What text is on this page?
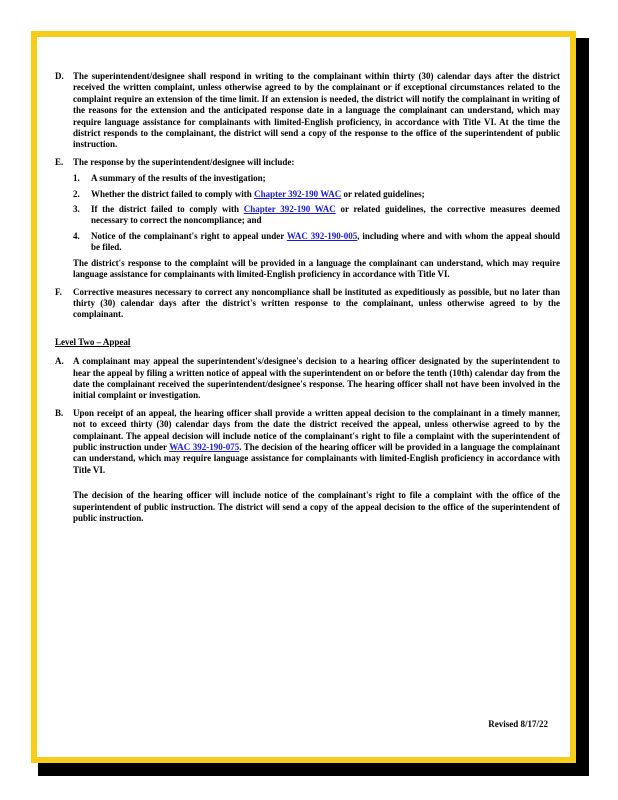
D. The superintendent/designee shall respond in writing to the complainant within thirty (30) calendar days after the district received the written complaint, unless otherwise agreed to by the complainant or if exceptional circumstances related to the complaint require an extension of the time limit. If an extension is needed, the district will notify the complainant in writing of the reasons for the extension and the anticipated response date in a language the complainant can understand, which may require language assistance for complainants with limited-English proficiency, in accordance with Title VI. At the time the district responds to the complainant, the district will send a copy of the response to the office of the superintendent of public instruction.
E. The response by the superintendent/designee will include:
1. A summary of the results of the investigation;
2. Whether the district failed to comply with Chapter 392-190 WAC or related guidelines;
3. If the district failed to comply with Chapter 392-190 WAC or related guidelines, the corrective measures deemed necessary to correct the noncompliance; and
4. Notice of the complainant's right to appeal under WAC 392-190-005, including where and with whom the appeal should be filed.
The district's response to the complaint will be provided in a language the complainant can understand, which may require language assistance for complainants with limited-English proficiency in accordance with Title VI.
F. Corrective measures necessary to correct any noncompliance shall be instituted as expeditiously as possible, but no later than thirty (30) calendar days after the district's written response to the complainant, unless otherwise agreed to by the complainant.
Level Two – Appeal
A. A complainant may appeal the superintendent's/designee's decision to a hearing officer designated by the superintendent to hear the appeal by filing a written notice of appeal with the superintendent on or before the tenth (10th) calendar day from the date the complainant received the superintendent/designee's response. The hearing officer shall not have been involved in the initial complaint or investigation.
B. Upon receipt of an appeal, the hearing officer shall provide a written appeal decision to the complainant in a timely manner, not to exceed thirty (30) calendar days from the date the district received the appeal, unless otherwise agreed to by the complainant. The appeal decision will include notice of the complainant's right to file a complaint with the superintendent of public instruction under WAC 392-190-075. The decision of the hearing officer will be provided in a language the complainant can understand, which may require language assistance for complainants with limited-English proficiency in accordance with Title VI.
The decision of the hearing officer will include notice of the complainant's right to file a complaint with the office of the superintendent of public instruction. The district will send a copy of the appeal decision to the office of the superintendent of public instruction.
Revised 8/17/22
